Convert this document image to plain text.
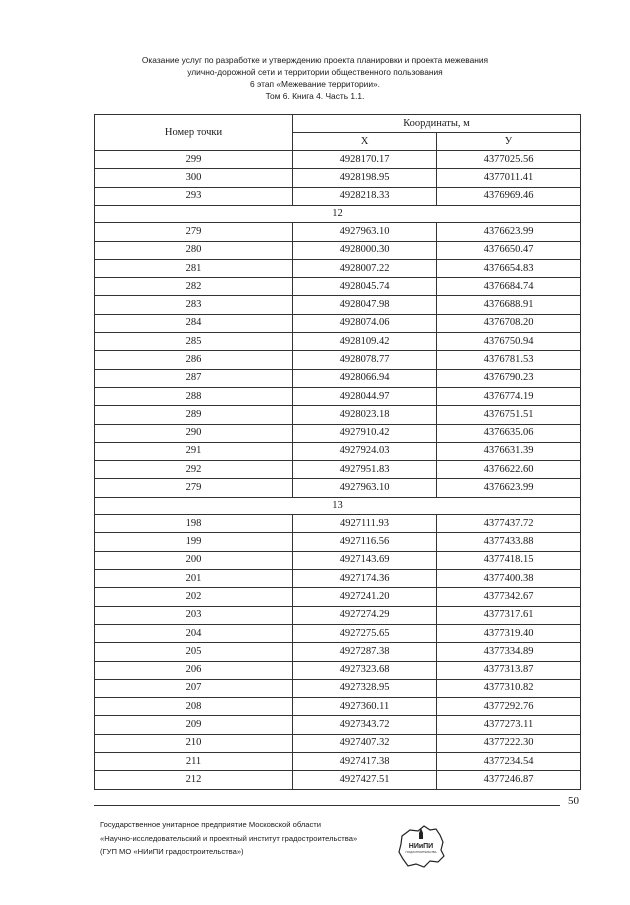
Оказание услуг по разработке и утверждению проекта планировки и проекта межевания
улично-дорожной сети и территории общественного пользования
6 этап «Межевание территории».
Том 6. Книга 4. Часть 1.1.
Номер точки	Координаты, м	
	X	У
299	4928170.17	4377025.56
300	4928198.95	4377011.41
293	4928218.33	4376969.46
12		
279	4927963.10	4376623.99
280	4928000.30	4376650.47
281	4928007.22	4376654.83
282	4928045.74	4376684.74
283	4928047.98	4376688.91
284	4928074.06	4376708.20
285	4928109.42	4376750.94
286	4928078.77	4376781.53
287	4928066.94	4376790.23
288	4928044.97	4376774.19
289	4928023.18	4376751.51
290	4927910.42	4376635.06
291	4927924.03	4376631.39
292	4927951.83	4376622.60
279	4927963.10	4376623.99
13		
198	4927111.93	4377437.72
199	4927116.56	4377433.88
200	4927143.69	4377418.15
201	4927174.36	4377400.38
202	4927241.20	4377342.67
203	4927274.29	4377317.61
204	4927275.65	4377319.40
205	4927287.38	4377334.89
206	4927323.68	4377313.87
207	4927328.95	4377310.82
208	4927360.11	4377292.76
209	4927343.72	4377273.11
210	4927407.32	4377222.30
211	4927417.38	4377234.54
212	4927427.51	4377246.87
50
Государственное унитарное предприятие Московской области
«Научно-исследовательский и проектный институт градостроительства»
(ГУП МО «НИиПИ градостроительства»)
НИиПИ
ГРАДОСТРОИТЕЛЬСТВА
